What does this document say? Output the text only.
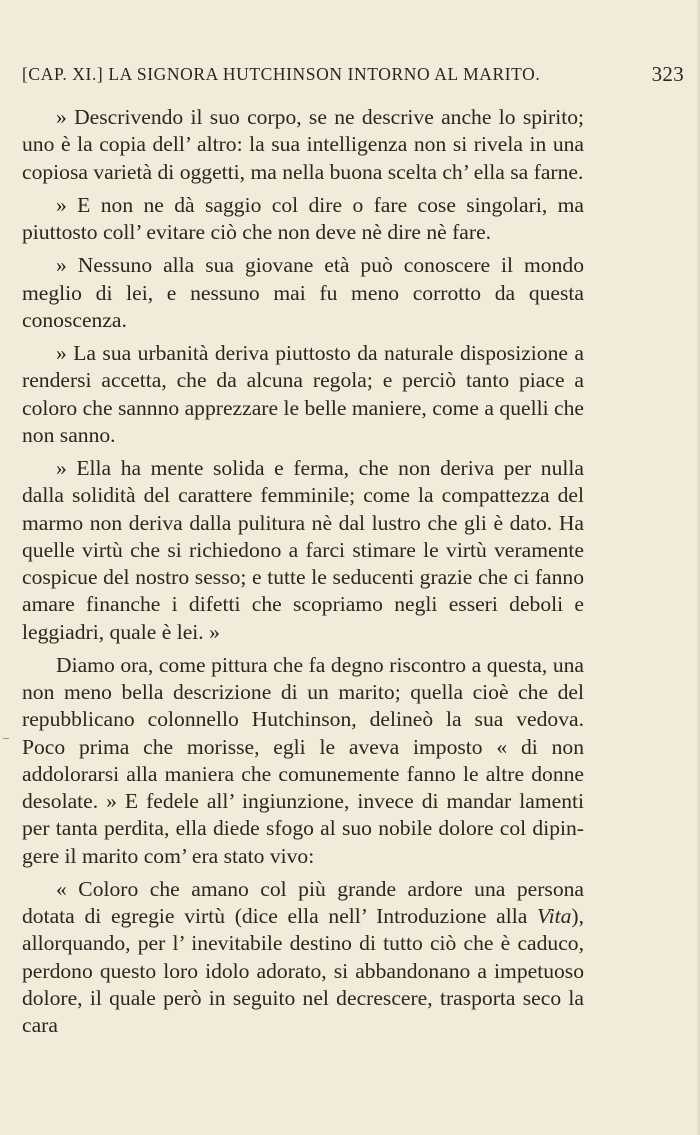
[CAP. XI.] LA SIGNORA HUTCHINSON INTORNO AL MARITO.	323

» Descrivendo il suo corpo, se ne descrive anche lo spirito; uno è la copia dell’ altro: la sua intelligenza non si rivela in una copiosa varietà di oggetti, ma nella buona scelta ch’ ella sa farne.

» E non ne dà saggio col dire o fare cose singolari, ma piuttosto coll’ evitare ciò che non deve nè dire nè fare.

» Nessuno alla sua giovane età può conoscere il mondo meglio di lei, e nessuno mai fu meno corrotto da questa conoscenza.

» La sua urbanità deriva piuttosto da naturale disposizione a rendersi accetta, che da alcuna regola; e perciò tanto piace a coloro che sannno apprezzare le belle maniere, come a quelli che non sanno.

» Ella ha mente solida e ferma, che non deriva per nulla dalla solidità del carattere femminile; come la compattezza del marmo non deriva dalla pulitura nè dal lustro che gli è dato. Ha quelle virtù che si richiedono a farci stimare le virtù veramente cospicue del nostro sesso; e tutte le seducenti grazie che ci fanno amare finanche i difetti che scopriamo negli esseri deboli e leggiadri, quale è lei. »

Diamo ora, come pittura che fa degno riscontro a questa, una non meno bella descrizione di un marito; quella cioè che del repubblicano colonnello Hutchinson, delineò la sua vedova. Poco prima che morisse, egli le aveva imposto « di non addolorarsi alla maniera che comunemente fanno le altre donne desolate. » E fedele all’ ingiunzione, invece di mandar lamenti per tanta perdita, ella diede sfogo al suo nobile dolore col dipingere il marito com’ era stato vivo:

« Coloro che amano col più grande ardore una persona dotata di egregie virtù (dice ella nell’ Introduzione alla Vita), allorquando, per l’ inevitabile destino di tutto ciò che è caduco, perdono questo loro idolo adorato, si abbandonano a impetuoso dolore, il quale però in seguito nel decrescere, trasporta seco la cara
